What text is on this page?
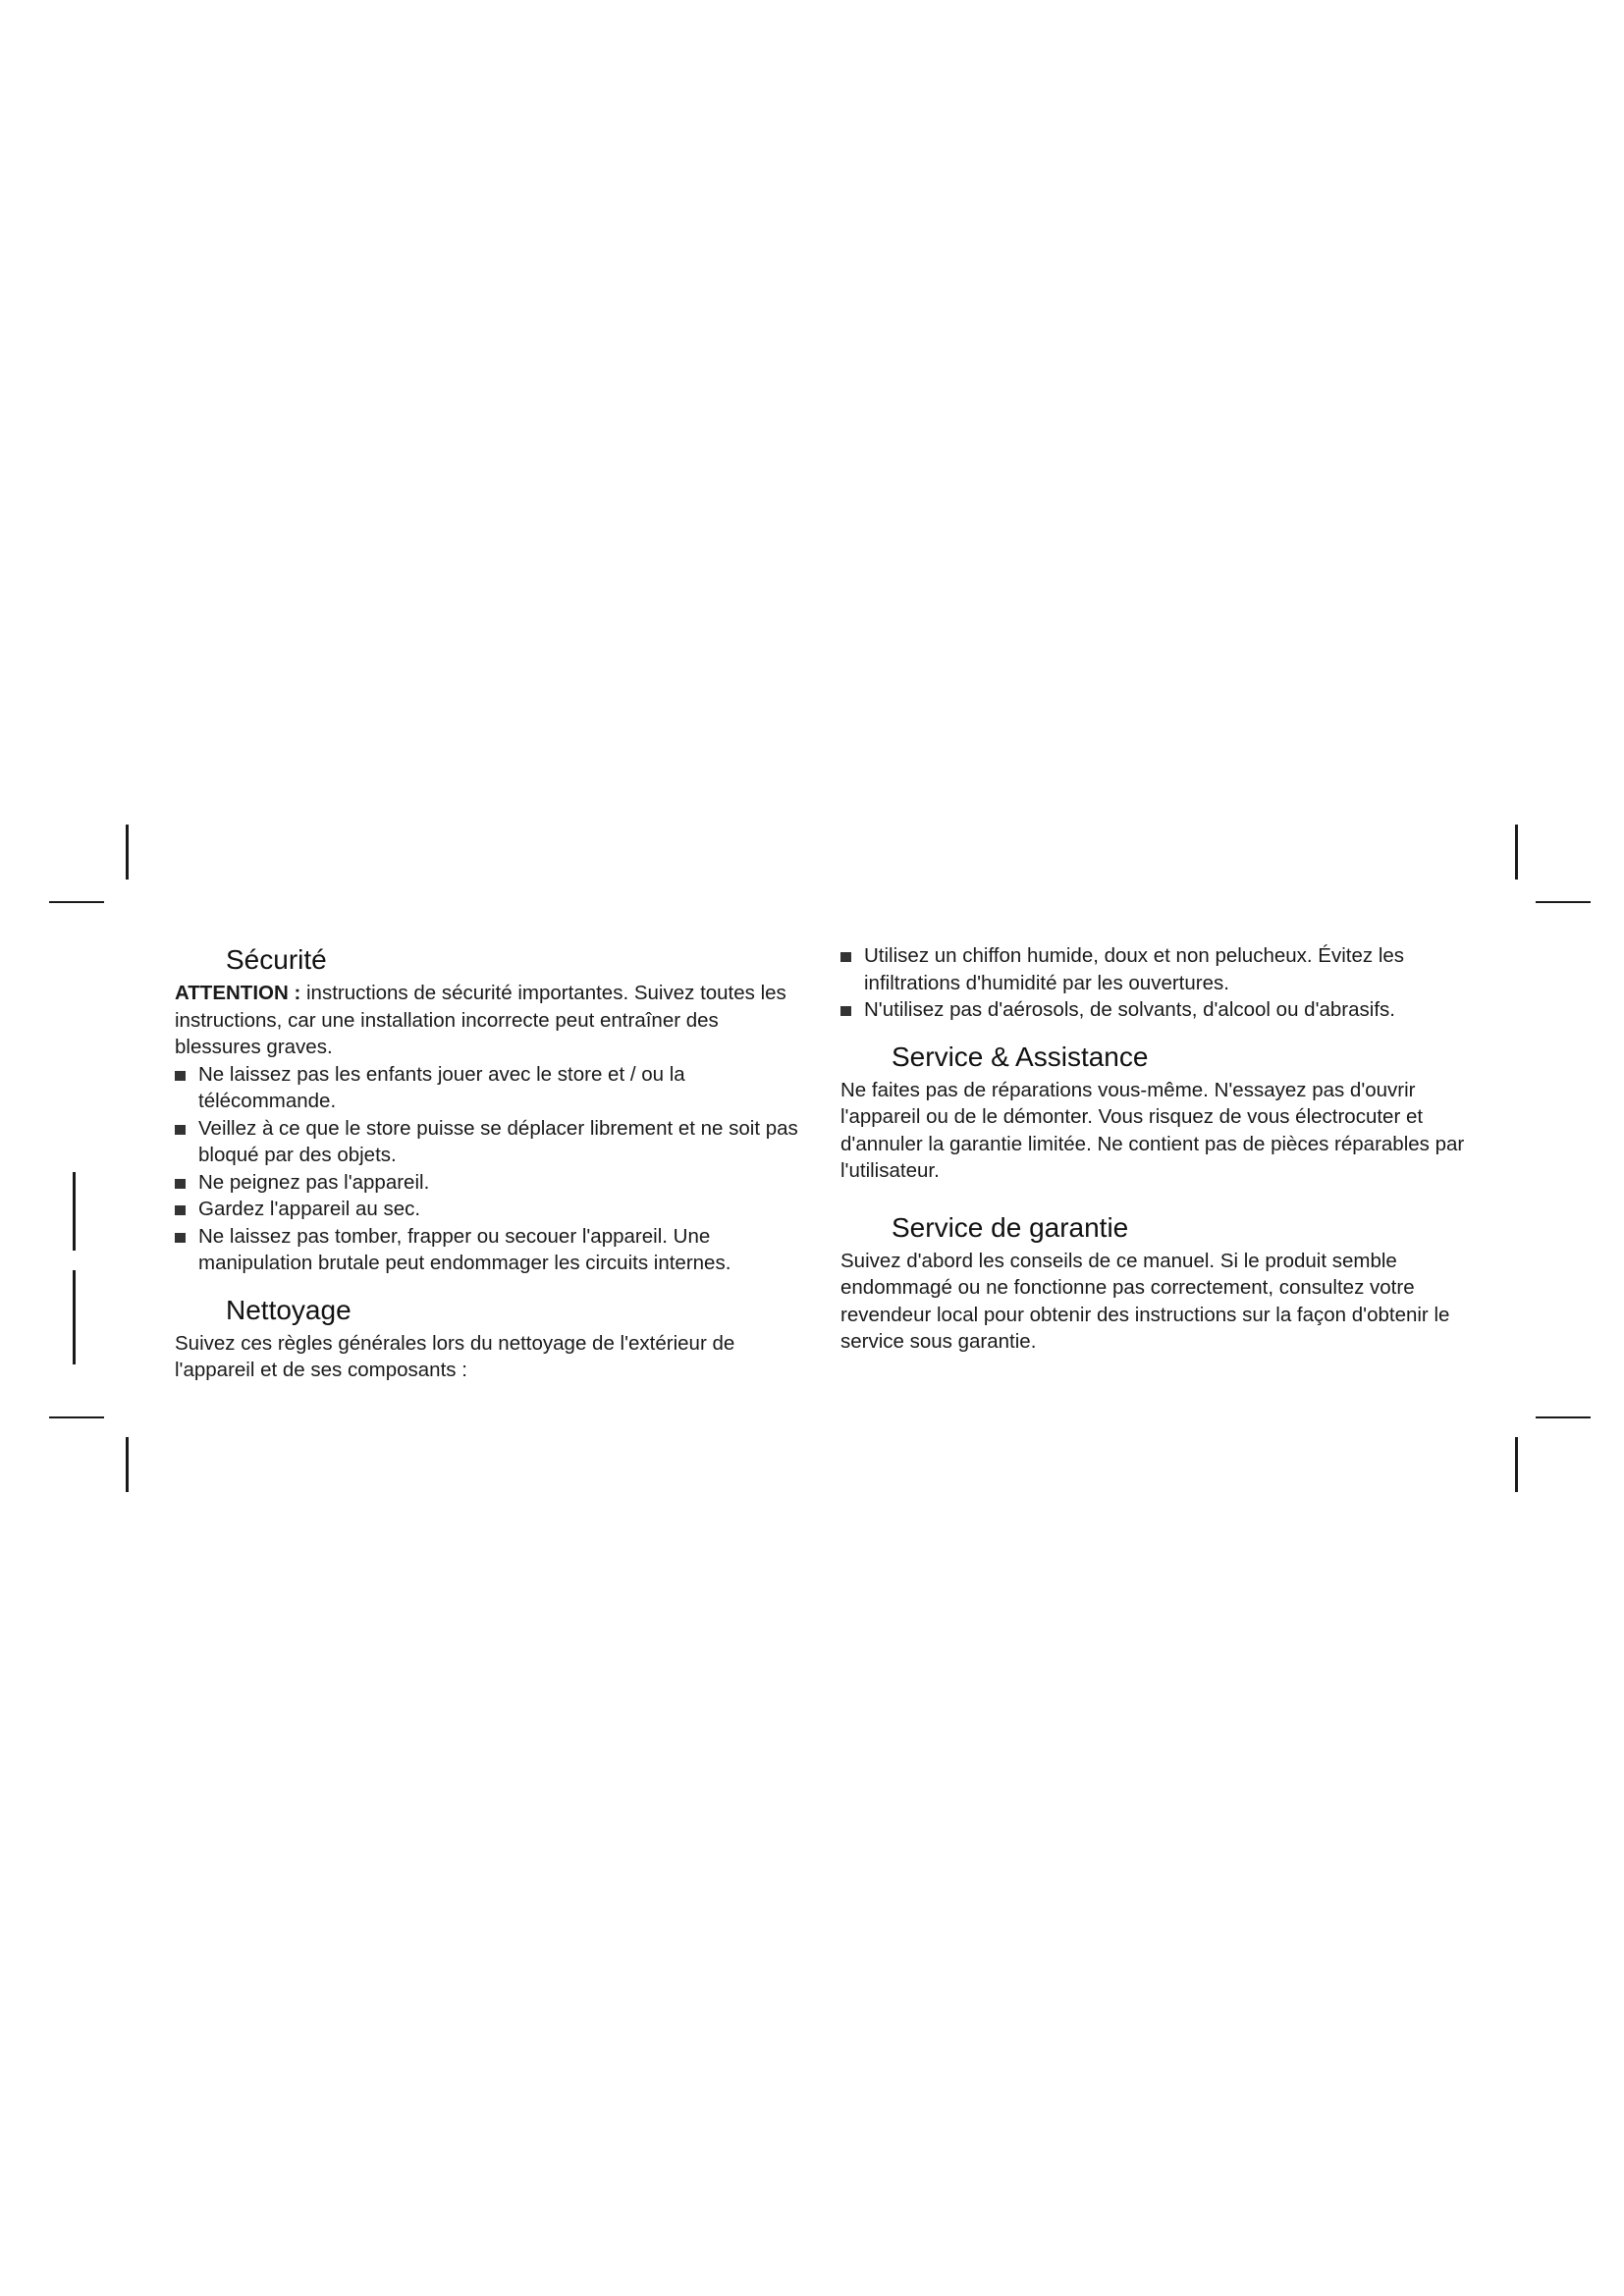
Sécurité

ATTENTION : instructions de sécurité importantes. Suivez toutes les instructions, car une installation incorrecte peut entraîner des blessures graves.

Ne laissez pas les enfants jouer avec le store et / ou la télécommande.
Veillez à ce que le store puisse se déplacer librement et ne soit pas bloqué par des objets.
Ne peignez pas l'appareil.
Gardez l'appareil au sec.
Ne laissez pas tomber, frapper ou secouer l'appareil. Une manipulation brutale peut endommager les circuits internes.
Nettoyage

Suivez ces règles générales lors du nettoyage de l'extérieur de l'appareil et de ses composants :

Utilisez un chiffon humide, doux et non pelucheux. Évitez les infiltrations d'humidité par les ouvertures.
N'utilisez pas d'aérosols, de solvants, d'alcool ou d'abrasifs.
Service & Assistance

Ne faites pas de réparations vous-même. N'essayez pas d'ouvrir l'appareil ou de le démonter. Vous risquez de vous électrocuter et d'annuler la garantie limitée. Ne contient pas de pièces réparables par l'utilisateur.

Service de garantie

Suivez d'abord les conseils de ce manuel. Si le produit semble endommagé ou ne fonctionne pas correctement, consultez votre revendeur local pour obtenir des instructions sur la façon d'obtenir le service sous garantie.
